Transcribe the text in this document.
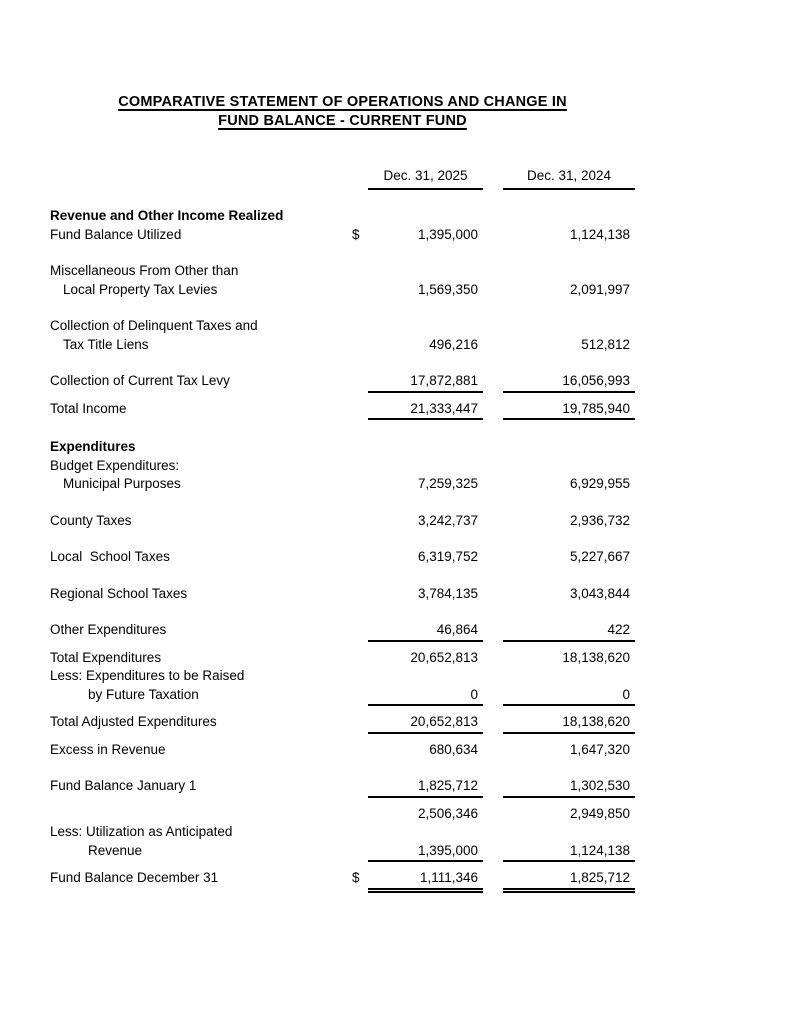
COMPARATIVE STATEMENT OF OPERATIONS AND CHANGE IN
FUND BALANCE - CURRENT FUND
Dec. 31, 2025	Dec. 31, 2024
Revenue and Other Income Realized
Fund Balance Utilized	$	1,395,000	1,124,138
Miscellaneous From Other than
Local Property Tax Levies	1,569,350	2,091,997
Collection of Delinquent Taxes and
Tax Title Liens	496,216	512,812
Collection of Current Tax Levy	17,872,881	16,056,993
Total Income	21,333,447	19,785,940
Expenditures
Budget Expenditures:
Municipal Purposes	7,259,325	6,929,955
County Taxes	3,242,737	2,936,732
Local  School Taxes	6,319,752	5,227,667
Regional School Taxes	3,784,135	3,043,844
Other Expenditures	46,864	422
Total Expenditures	20,652,813	18,138,620
Less: Expenditures to be Raised
by Future Taxation	0	0
Total Adjusted Expenditures	20,652,813	18,138,620
Excess in Revenue	680,634	1,647,320
Fund Balance January 1	1,825,712	1,302,530
2,506,346	2,949,850
Less: Utilization as Anticipated
Revenue	1,395,000	1,124,138
Fund Balance December 31	$	1,111,346	1,825,712
